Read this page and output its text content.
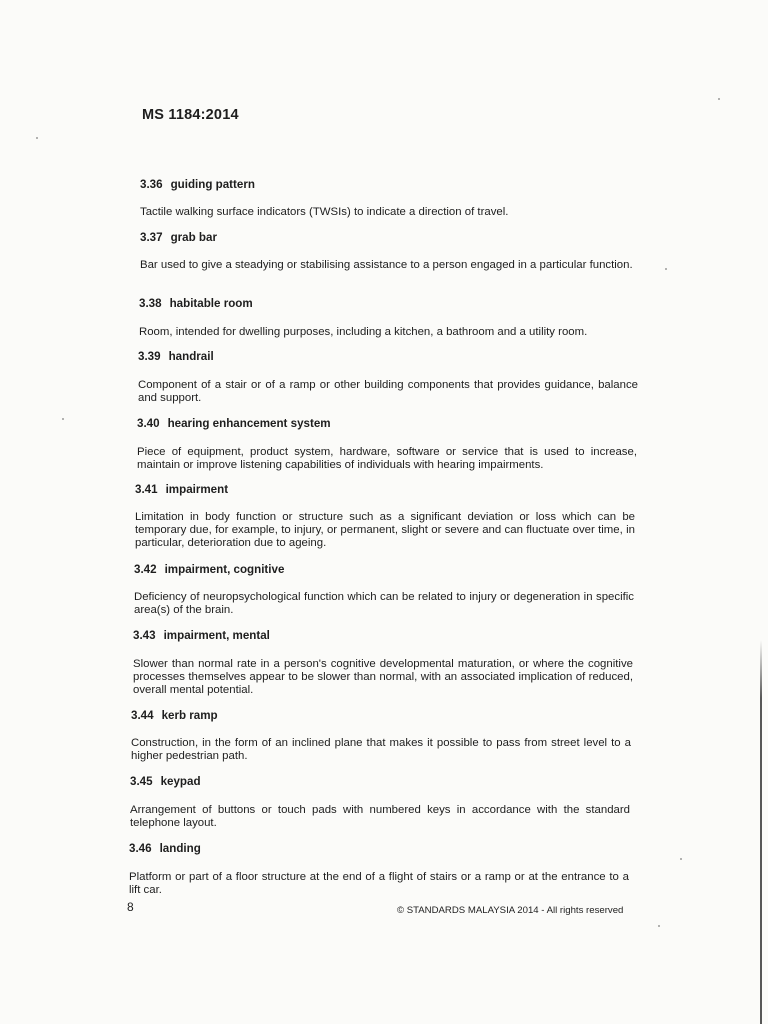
MS 1184:2014
3.36 guiding pattern
Tactile walking surface indicators (TWSIs) to indicate a direction of travel.
3.37 grab bar
Bar used to give a steadying or stabilising assistance to a person engaged in a particular function.
3.38 habitable room
Room, intended for dwelling purposes, including a kitchen, a bathroom and a utility room.
3.39 handrail
Component of a stair or of a ramp or other building components that provides guidance, balance and support.
3.40 hearing enhancement system
Piece of equipment, product system, hardware, software or service that is used to increase, maintain or improve listening capabilities of individuals with hearing impairments.
3.41 impairment
Limitation in body function or structure such as a significant deviation or loss which can be temporary due, for example, to injury, or permanent, slight or severe and can fluctuate over time, in particular, deterioration due to ageing.
3.42 impairment, cognitive
Deficiency of neuropsychological function which can be related to injury or degeneration in specific area(s) of the brain.
3.43 impairment, mental
Slower than normal rate in a person's cognitive developmental maturation, or where the cognitive processes themselves appear to be slower than normal, with an associated implication of reduced, overall mental potential.
3.44 kerb ramp
Construction, in the form of an inclined plane that makes it possible to pass from street level to a higher pedestrian path.
3.45 keypad
Arrangement of buttons or touch pads with numbered keys in accordance with the standard telephone layout.
3.46 landing
Platform or part of a floor structure at the end of a flight of stairs or a ramp or at the entrance to a lift car.
8	© STANDARDS MALAYSIA 2014 - All rights reserved
